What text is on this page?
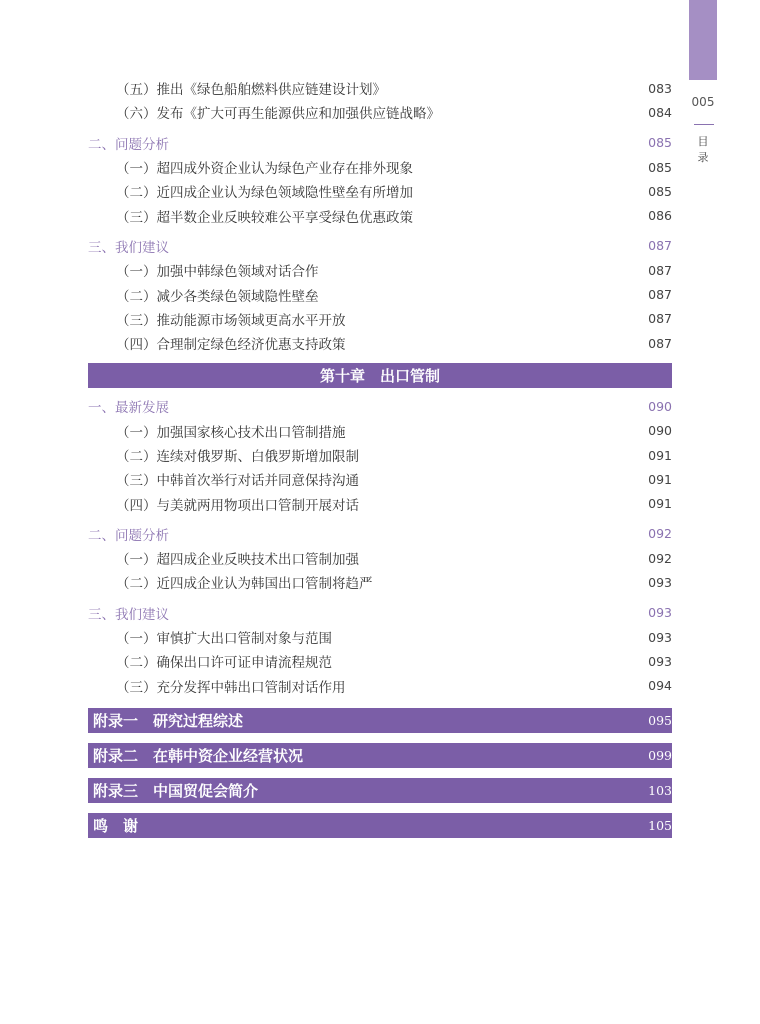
005
目
录
（五）推出《绿色船舶燃料供应链建设计划》	083
（六）发布《扩大可再生能源供应和加强供应链战略》	084
二、问题分析	085
（一）超四成外资企业认为绿色产业存在排外现象	085
（二）近四成企业认为绿色领域隐性壁垒有所增加	085
（三）超半数企业反映较难公平享受绿色优惠政策	086
三、我们建议	087
（一）加强中韩绿色领域对话合作	087
（二）减少各类绿色领域隐性壁垒	087
（三）推动能源市场领域更高水平开放	087
（四）合理制定绿色经济优惠支持政策	087
第十章　出口管制
一、最新发展	090
（一）加强国家核心技术出口管制措施	090
（二）连续对俄罗斯、白俄罗斯增加限制	091
（三）中韩首次举行对话并同意保持沟通	091
（四）与美就两用物项出口管制开展对话	091
二、问题分析	092
（一）超四成企业反映技术出口管制加强	092
（二）近四成企业认为韩国出口管制将趋严	093
三、我们建议	093
（一）审慎扩大出口管制对象与范围	093
（二）确保出口许可证申请流程规范	093
（三）充分发挥中韩出口管制对话作用	094
附录一　研究过程综述	095
附录二　在韩中资企业经营状况	099
附录三　中国贸促会简介	103
鸣　谢	105
